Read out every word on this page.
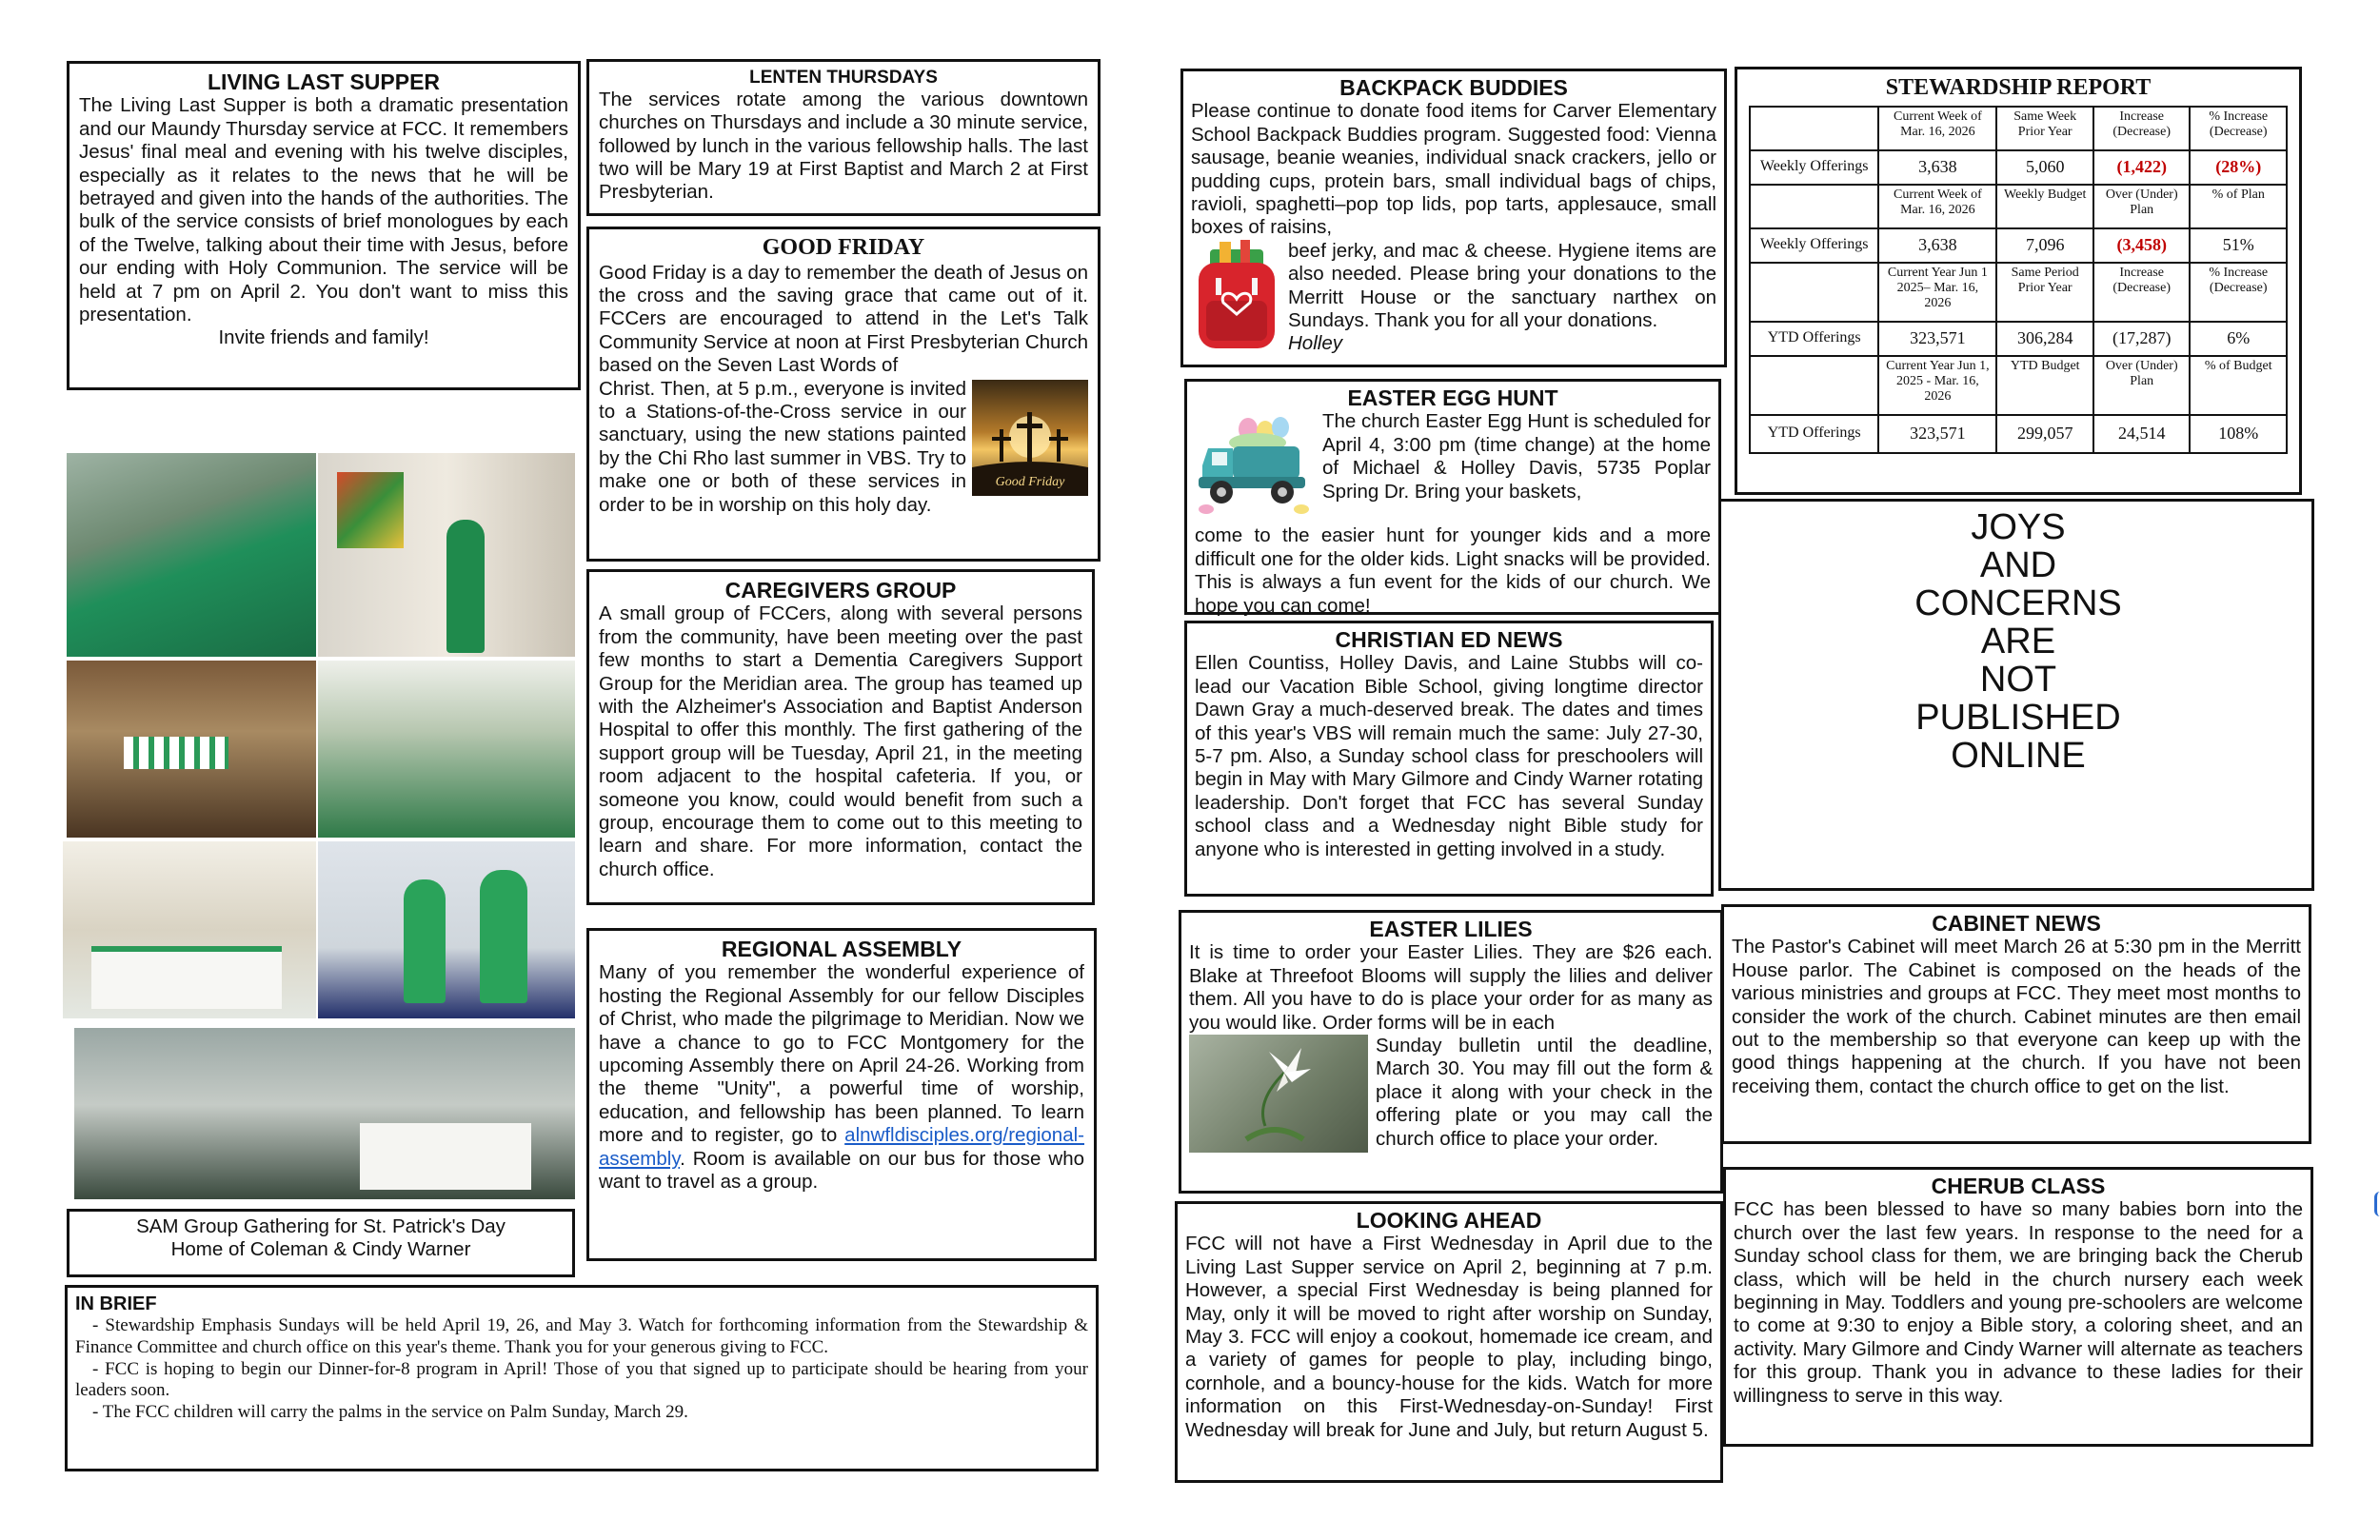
LIVING LAST SUPPER

The Living Last Supper is both a dramatic presentation and our Maundy Thursday service at FCC. It remembers Jesus' final meal and evening with his twelve disciples, especially as it relates to the news that he will be betrayed and given into the hands of the authorities. The bulk of the service consists of brief monologues by each of the Twelve, talking about their time with Jesus, before our ending with Holy Communion. The service will be held at 7 pm on April 2. You don't want to miss this presentation.

Invite friends and family!

LENTEN THURSDAYS

The services rotate among the various downtown churches on Thursdays and include a 30 minute service, followed by lunch in the various fellowship halls. The last two will be Mary 19 at First Baptist and March 2 at First Presbyterian.

GOOD FRIDAY

Good Friday is a day to remember the death of Jesus on the cross and the saving grace that came out of it. FCCers are encouraged to attend in the Let's Talk Community Service at noon at First Presbyterian Church based on the Seven Last Words of

Christ. Then, at 5 p.m., everyone is invited to a Stations-of-the-Cross service in our sanctuary, using the new stations painted by the Chi Rho last summer in VBS. Try to make one or both of these services in order to be in worship on this holy day.

Good Friday
CAREGIVERS GROUP

A small group of FCCers, along with several persons from the community, have been meeting over the past few months to start a Dementia Caregivers Support Group for the Meridian area. The group has teamed up with the Alzheimer's Association and Baptist Anderson Hospital to offer this monthly. The first gathering of the support group will be Tuesday, April 21, in the meeting room adjacent to the hospital cafeteria. If you, or someone you know, could would benefit from such a group, encourage them to come out to this meeting to learn and share. For more information, contact the church office.

REGIONAL ASSEMBLY

Many of you remember the wonderful experience of hosting the Regional Assembly for our fellow Disciples of Christ, who made the pilgrimage to Meridian. Now we have a chance to go to FCC Montgomery for the upcoming Assembly there on April 24-26. Working from the theme "Unity", a powerful time of worship, education, and fellowship has been planned. To learn more and to register, go to alnwfldisciples.org/regional-assembly. Room is available on our bus for those who want to travel as a group.

SAM Group Gathering for St. Patrick's Day

Home of Coleman & Cindy Warner

IN BRIEF

- Stewardship Emphasis Sundays will be held April 19, 26, and May 3. Watch for forthcoming information from the Stewardship & Finance Committee and church office on this year's theme. Thank you for your generous giving to FCC.

- FCC is hoping to begin our Dinner-for-8 program in April! Those of you that signed up to participate should be hearing from your leaders soon.

- The FCC children will carry the palms in the service on Palm Sunday, March 29.

BACKPACK BUDDIES

Please continue to donate food items for Carver Elementary School Backpack Buddies program. Suggested food: Vienna sausage, beanie weanies, individual snack crackers, jello or pudding cups, protein bars, small individual bags of chips, ravioli, spaghetti–pop top lids, pop tarts, applesauce, small boxes of raisins,

beef jerky, and mac & cheese. Hygiene items are also needed. Please bring your donations to the Merritt House or the sanctuary narthex on Sundays. Thank you for all your donations.

Holley

STEWARDSHIP REPORT
	Current Week of Mar. 16, 2026	Same Week Prior Year	Increase (Decrease)	% Increase (Decrease)
Weekly Offerings	3,638	5,060	(1,422)	(28%)
	Current Week of Mar. 16, 2026	Weekly Budget	Over (Under) Plan	% of Plan
Weekly Offerings	3,638	7,096	(3,458)	51%
	Current Year Jun 1 2025– Mar. 16, 2026	Same Period Prior Year	Increase (Decrease)	% Increase (Decrease)
YTD Offerings	323,571	306,284	(17,287)	6%
	Current Year Jun 1, 2025 - Mar. 16, 2026	YTD Budget	Over (Under) Plan	% of Budget
YTD Offerings	323,571	299,057	24,514	108%
EASTER EGG HUNT

The church Easter Egg Hunt is scheduled for April 4, 3:00 pm (time change) at the home of Michael & Holley Davis, 5735 Poplar Spring Dr. Bring your baskets,

come to the easier hunt for younger kids and a more difficult one for the older kids. Light snacks will be provided. This is always a fun event for the kids of our church. We hope you can come!

JOYS
AND
CONCERNS
ARE
NOT
PUBLISHED
ONLINE
CHRISTIAN ED NEWS

Ellen Countiss, Holley Davis, and Laine Stubbs will co-lead our Vacation Bible School, giving longtime director Dawn Gray a much-deserved break. The dates and times of this year's VBS will remain much the same: July 27-30, 5-7 pm. Also, a Sunday school class for preschoolers will begin in May with Mary Gilmore and Cindy Warner rotating leadership. Don't forget that FCC has several Sunday school class and a Wednesday night Bible study for anyone who is interested in getting involved in a study.

EASTER LILIES

It is time to order your Easter Lilies. They are $26 each. Blake at Threefoot Blooms will supply the lilies and deliver them. All you have to do is place your order for as many as you would like. Order forms will be in each

Sunday bulletin until the deadline, March 30. You may fill out the form & place it along with your check in the offering plate or you may call the church office to place your order.

CABINET NEWS

The Pastor's Cabinet will meet March 26 at 5:30 pm in the Merritt House parlor. The Cabinet is composed on the heads of the various ministries and groups at FCC. They meet most months to consider the work of the church. Cabinet minutes are then email out to the membership so that everyone can keep up with the good things happening at the church. If you have not been receiving them, contact the church office to get on the list.

LOOKING AHEAD

FCC will not have a First Wednesday in April due to the Living Last Supper service on April 2, beginning at 7 p.m. However, a special First Wednesday is being planned for May, only it will be moved to right after worship on Sunday, May 3. FCC will enjoy a cookout, homemade ice cream, and a variety of games for people to play, including bingo, cornhole, and a bouncy-house for the kids. Watch for more information on this First-Wednesday-on-Sunday! First Wednesday will break for June and July, but return August 5.

CHERUB CLASS

FCC has been blessed to have so many babies born into the church over the last few years. In response to the need for a Sunday school class for them, we are bringing back the Cherub class, which will be held in the church nursery each week beginning in May. Toddlers and young pre-schoolers are welcome to come at 9:30 to enjoy a Bible story, a coloring sheet, and an activity. Mary Gilmore and Cindy Warner will alternate as teachers for this group. Thank you in advance to these ladies for their willingness to serve in this way.
